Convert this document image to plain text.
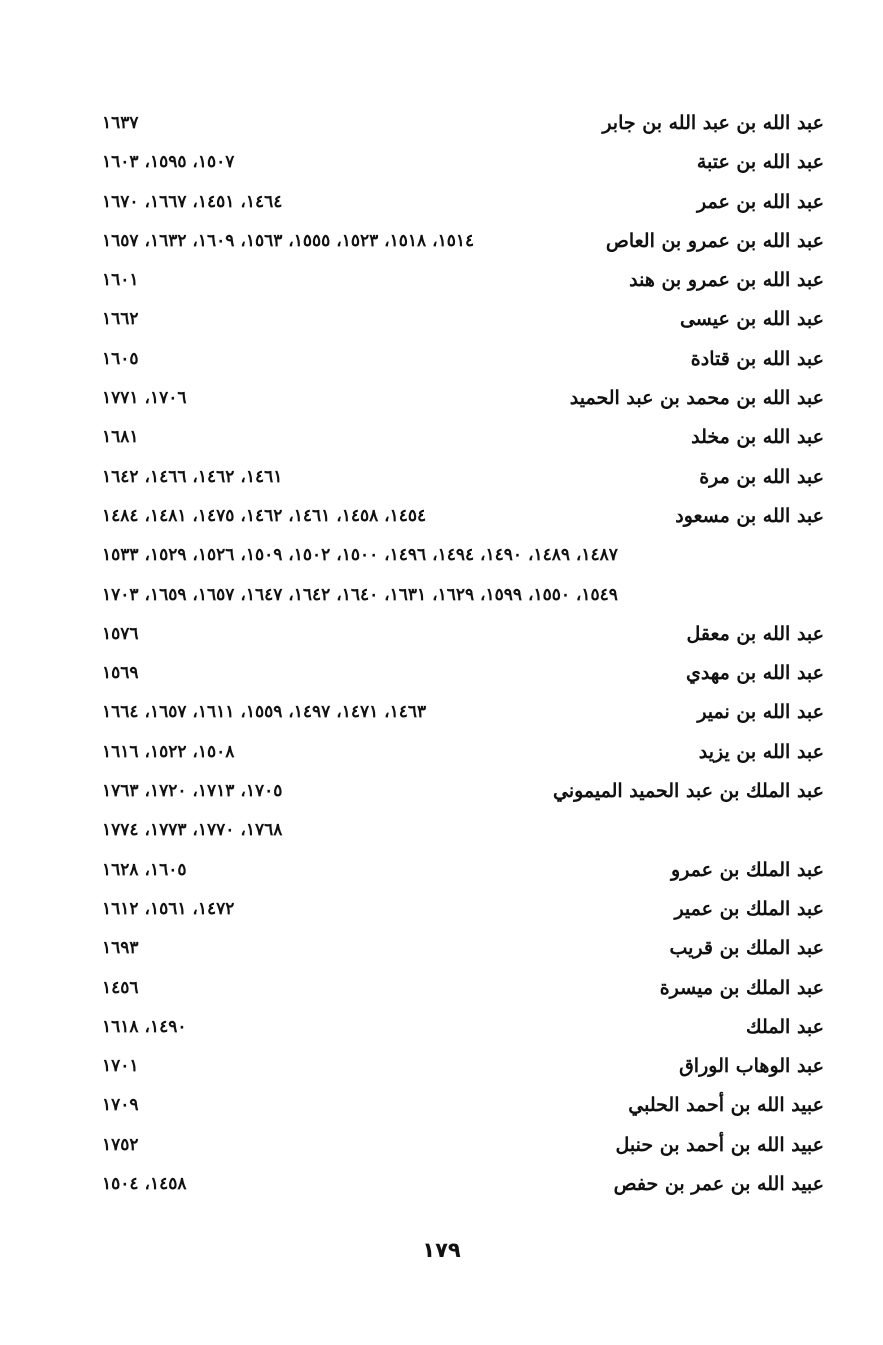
عبد الله بن عبد الله بن جابر
١٦٣٧
عبد الله بن عتبة
١٥٠٧، ١٥٩٥، ١٦٠٣
عبد الله بن عمر
١٤٦٤، ١٤٥١، ١٦٦٧، ١٦٧٠
عبد الله بن عمرو بن العاص
١٥١٤، ١٥١٨، ١٥٢٣، ١٥٥٥، ١٥٦٣، ١٦٠٩، ١٦٣٢، ١٦٥٧
عبد الله بن عمرو بن هند
١٦٠١
عبد الله بن عيسى
١٦٦٢
عبد الله بن قتادة
١٦٠٥
عبد الله بن محمد بن عبد الحميد
١٧٠٦، ١٧٧١
عبد الله بن مخلد
١٦٨١
عبد الله بن مرة
١٤٦١، ١٤٦٢، ١٤٦٦، ١٦٤٢
عبد الله بن مسعود
١٤٥٤، ١٤٥٨، ١٤٦١، ١٤٦٢، ١٤٧٥، ١٤٨١، ١٤٨٤
١٤٨٧، ١٤٨٩، ١٤٩٠، ١٤٩٤، ١٤٩٦، ١٥٠٠، ١٥٠٢، ١٥٠٩، ١٥٢٦، ١٥٢٩، ١٥٣٣
١٥٤٩، ١٥٥٠، ١٥٩٩، ١٦٢٩، ١٦٣١، ١٦٤٠، ١٦٤٢، ١٦٤٧، ١٦٥٧، ١٦٥٩، ١٧٠٣
عبد الله بن معقل
١٥٧٦
عبد الله بن مهدي
١٥٦٩
عبد الله بن نمير
١٤٦٣، ١٤٧١، ١٤٩٧، ١٥٥٩، ١٦١١، ١٦٥٧، ١٦٦٤
عبد الله بن يزيد
١٥٠٨، ١٥٢٢، ١٦١٦
عبد الملك بن عبد الحميد الميموني
١٧٠٥، ١٧١٣، ١٧٢٠، ١٧٦٣
١٧٦٨، ١٧٧٠، ١٧٧٣، ١٧٧٤
عبد الملك بن عمرو
١٦٠٥، ١٦٢٨
عبد الملك بن عمير
١٤٧٢، ١٥٦١، ١٦١٢
عبد الملك بن قريب
١٦٩٣
عبد الملك بن ميسرة
١٤٥٦
عبد الملك
١٤٩٠، ١٦١٨
عبد الوهاب الوراق
١٧٠١
عبيد الله بن أحمد الحلبي
١٧٠٩
عبيد الله بن أحمد بن حنبل
١٧٥٢
عبيد الله بن عمر بن حفص
١٤٥٨، ١٥٠٤
١٧٩
